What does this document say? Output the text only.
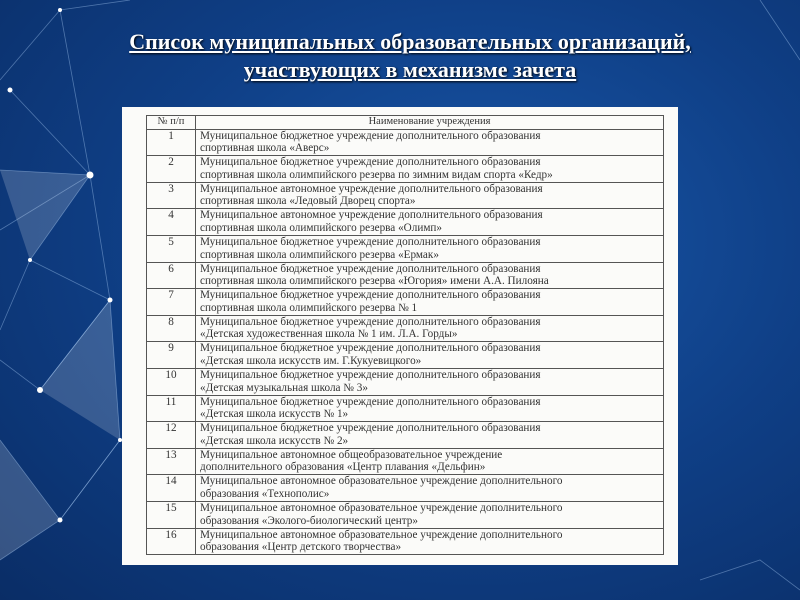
Список муниципальных образовательных организаций,
участвующих в механизме зачета
№ п/п	Наименование учреждения
1	Муниципальное бюджетное учреждение дополнительного образования
спортивная школа «Аверс»

2	Муниципальное бюджетное учреждение дополнительного образования
спортивная школа олимпийского резерва по зимним видам спорта «Кедр»

3	Муниципальное автономное учреждение дополнительного образования
спортивная школа «Ледовый Дворец спорта»

4	Муниципальное автономное учреждение дополнительного образования
спортивная школа олимпийского резерва «Олимп»

5	Муниципальное бюджетное учреждение дополнительного образования
спортивная школа олимпийского резерва «Ермак»

6	Муниципальное бюджетное учреждение дополнительного образования
спортивная школа олимпийского резерва «Югория» имени А.А. Пилояна

7	Муниципальное бюджетное учреждение дополнительного образования
спортивная школа олимпийского резерва № 1

8	Муниципальное бюджетное учреждение дополнительного образования
«Детская художественная школа № 1 им. Л.А. Горды»

9	Муниципальное бюджетное учреждение дополнительного образования
«Детская школа искусств им. Г.Кукуевицкого»

10	Муниципальное бюджетное учреждение дополнительного образования
«Детская музыкальная школа № 3»

11	Муниципальное бюджетное учреждение дополнительного образования
«Детская школа искусств № 1»

12	Муниципальное бюджетное учреждение дополнительного образования
«Детская школа искусств № 2»

13	Муниципальное автономное общеобразовательное учреждение
дополнительного образования «Центр плавания «Дельфин»

14	Муниципальное автономное образовательное учреждение дополнительного
образования «Технополис»

15	Муниципальное автономное образовательное учреждение дополнительного
образования «Эколого-биологический центр»

16	Муниципальное автономное образовательное учреждение дополнительного
образования «Центр детского творчества»
